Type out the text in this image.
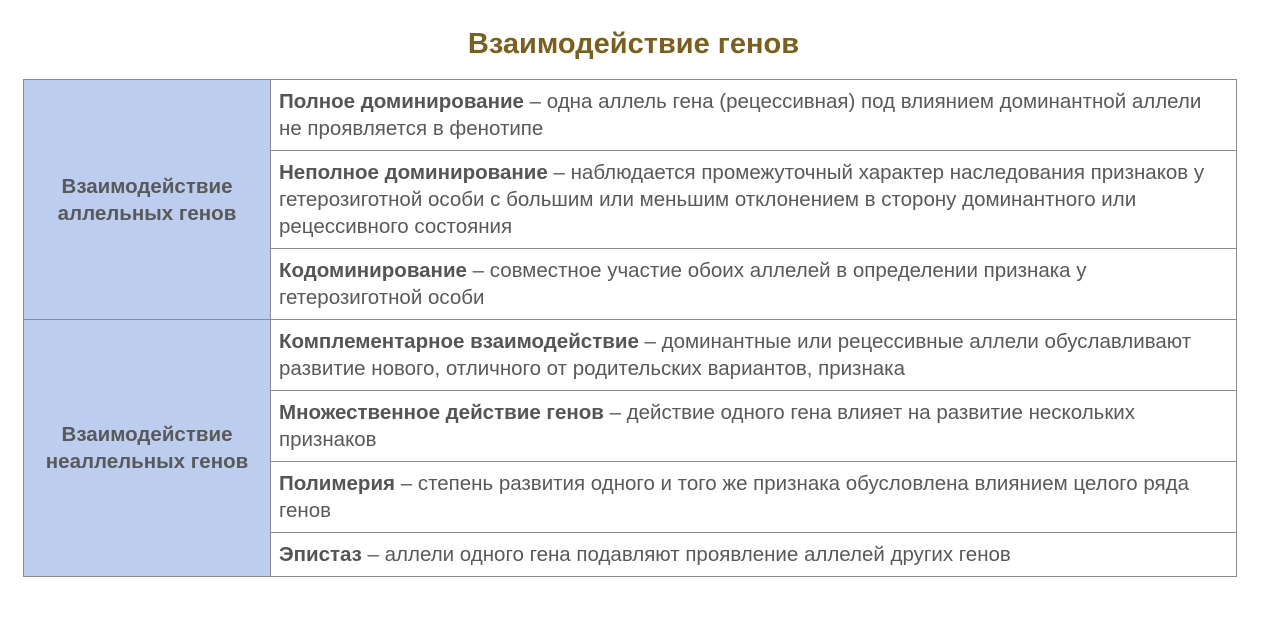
Взаимодействие генов
Взаимодействие аллельных генов	Полное доминирование – одна аллель гена (рецессивная) под влиянием доминантной аллели не проявляется в фенотипе
	Неполное доминирование – наблюдается промежуточный характер наследования признаков у гетерозиготной особи с большим или меньшим отклонением в сторону доминантного или рецессивного состояния
	Кодоминирование – совместное участие обоих аллелей в определении признака у гетерозиготной особи
Взаимодействие неаллельных генов	Комплементарное взаимодействие – доминантные или рецессивные аллели обуславливают развитие нового, отличного от родительских вариантов, признака
	Множественное действие генов – действие одного гена влияет на развитие нескольких признаков
	Полимерия – степень развития одного и того же признака обусловлена влиянием целого ряда генов
	Эпистаз – аллели одного гена подавляют проявление аллелей других генов
